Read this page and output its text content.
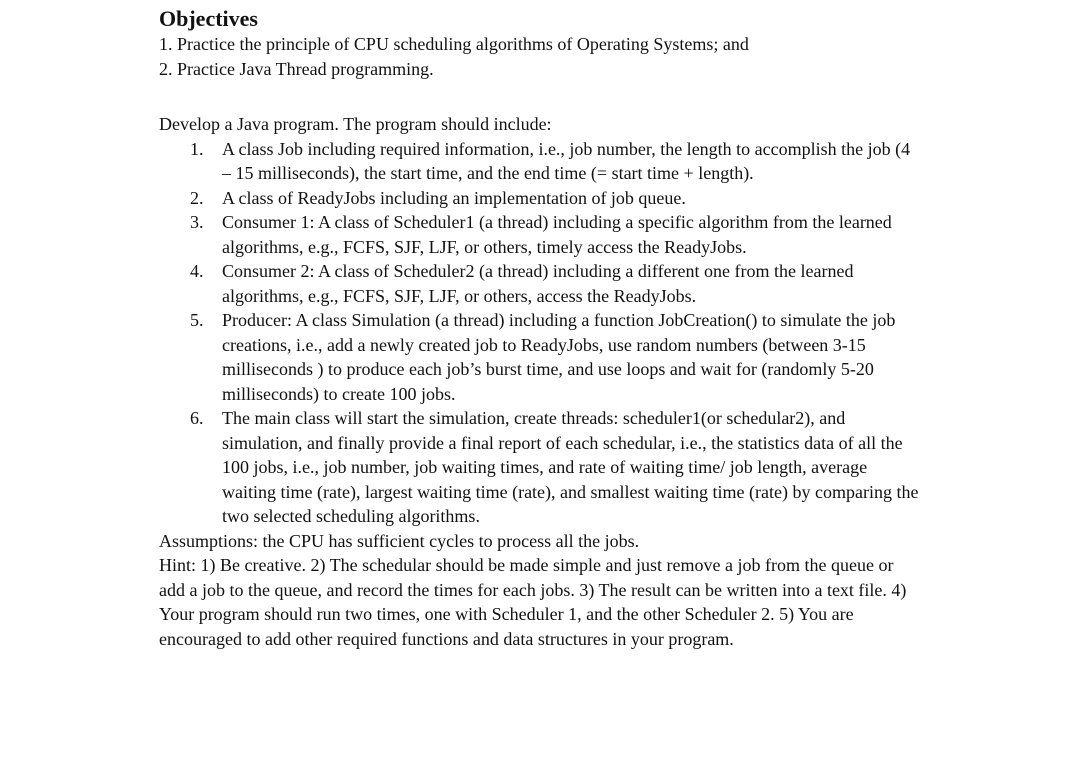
Objectives

1. Practice the principle of CPU scheduling algorithms of Operating Systems; and

2. Practice Java Thread programming.

Develop a Java program. The program should include:

1. A class Job including required information, i.e., job number, the length to accomplish the job (4 – 15 milliseconds), the start time, and the end time (= start time + length).
2. A class of ReadyJobs including an implementation of job queue.
3. Consumer 1: A class of Scheduler1 (a thread) including a specific algorithm from the learned algorithms, e.g., FCFS, SJF, LJF, or others, timely access the ReadyJobs.
4. Consumer 2: A class of Scheduler2 (a thread) including a different one from the learned algorithms, e.g., FCFS, SJF, LJF, or others, access the ReadyJobs.
5. Producer: A class Simulation (a thread) including a function JobCreation() to simulate the job creations, i.e., add a newly created job to ReadyJobs, use random numbers (between 3-15 milliseconds ) to produce each job’s burst time, and use loops and wait for (randomly 5-20 milliseconds) to create 100 jobs.
6. The main class will start the simulation, create threads: scheduler1(or schedular2), and simulation, and finally provide a final report of each schedular, i.e., the statistics data of all the 100 jobs, i.e., job number, job waiting times, and rate of waiting time/ job length, average waiting time (rate), largest waiting time (rate), and smallest waiting time (rate) by comparing the two selected scheduling algorithms.

Assumptions: the CPU has sufficient cycles to process all the jobs.

Hint: 1) Be creative. 2) The schedular should be made simple and just remove a job from the queue or add a job to the queue, and record the times for each jobs. 3) The result can be written into a text file. 4) Your program should run two times, one with Scheduler 1, and the other Scheduler 2. 5) You are encouraged to add other required functions and data structures in your program.
